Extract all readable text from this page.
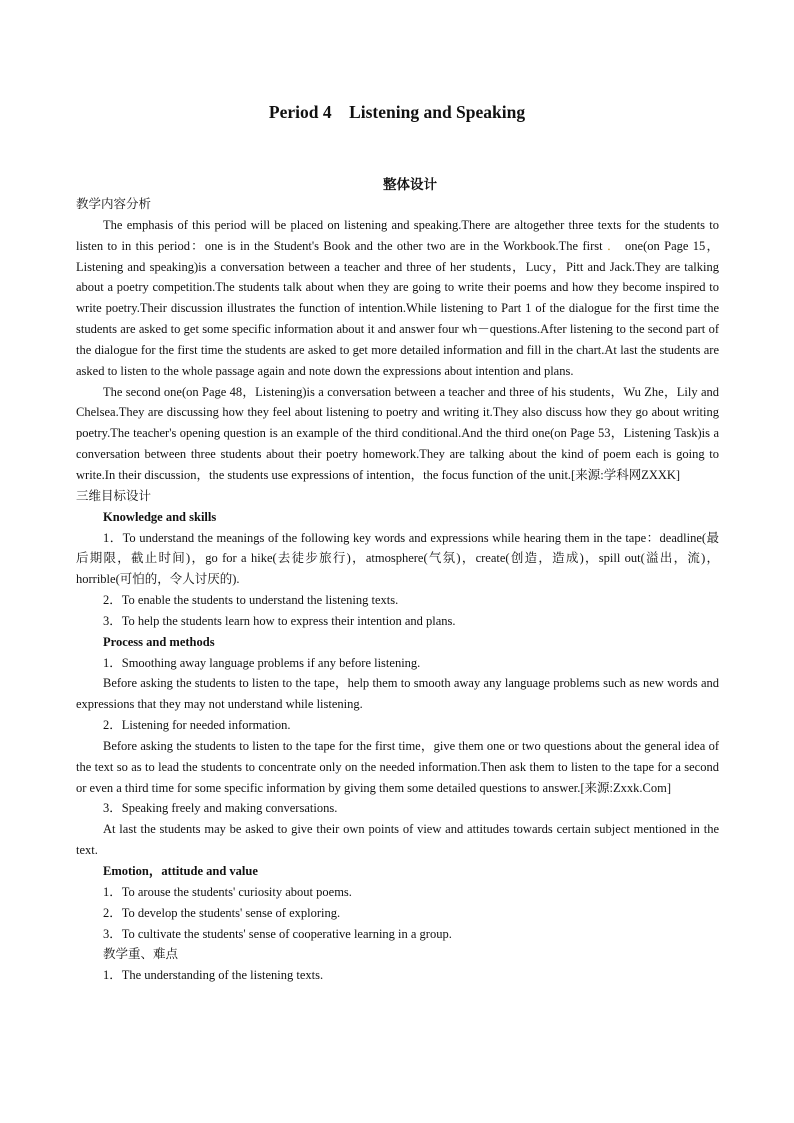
Period 4    Listening and Speaking
整体设计

教学内容分析

The emphasis of this period will be placed on listening and speaking.There are altogether three texts for the students to listen to in this period：one is in the Student's Book and the other two are in the Workbook.The first ． one(on Page 15，Listening and speaking)is a conversation between a teacher and three of her students，Lucy，Pitt and Jack.They are talking about a poetry competition.The students talk about when they are going to write their poems and how they become inspired to write poetry.Their discussion illustrates the function of intention.While listening to Part 1 of the dialogue for the first time the students are asked to get some specific information about it and answer four wh－questions.After listening to the second part of the dialogue for the first time the students are asked to get more detailed information and fill in the chart.At last the students are asked to listen to the whole passage again and note down the expressions about intention and plans.

The second one(on Page 48，Listening)is a conversation between a teacher and three of his students，Wu Zhe，Lily and Chelsea.They are discussing how they feel about listening to poetry and writing it.They also discuss how they go about writing poetry.The teacher's opening question is an example of the third conditional.And the third one(on Page 53，Listening Task)is a conversation between three students about their poetry homework.They are talking about the kind of poem each is going to write.In their discussion，the students use expressions of intention，the focus function of the unit.[来源:学科网ZXXK]

三维目标设计

Knowledge and skills

1．To understand the meanings of the following key words and expressions while hearing them in the tape：deadline(最后期限，截止时间)，go for a hike(去徒步旅行)，atmosphere(气氛)，create(创造，造成)，spill out(溢出，流)，horrible(可怕的，令人讨厌的).

2．To enable the students to understand the listening texts.

3．To help the students learn how to express their intention and plans.

Process and methods

1．Smoothing away language problems if any before listening.

Before asking the students to listen to the tape，help them to smooth away any language problems such as new words and expressions that they may not understand while listening.

2．Listening for needed information.

Before asking the students to listen to the tape for the first time，give them one or two questions about the general idea of the text so as to lead the students to concentrate only on the needed information.Then ask them to listen to the tape for a second or even a third time for some specific information by giving them some detailed questions to answer.[来源:Zxxk.Com]

3．Speaking freely and making conversations.

At last the students may be asked to give their own points of view and attitudes towards certain subject mentioned in the text.

Emotion，attitude and value

1．To arouse the students' curiosity about poems.

2．To develop the students' sense of exploring.

3．To cultivate the students' sense of cooperative learning in a group.

教学重、难点

1．The understanding of the listening texts.
